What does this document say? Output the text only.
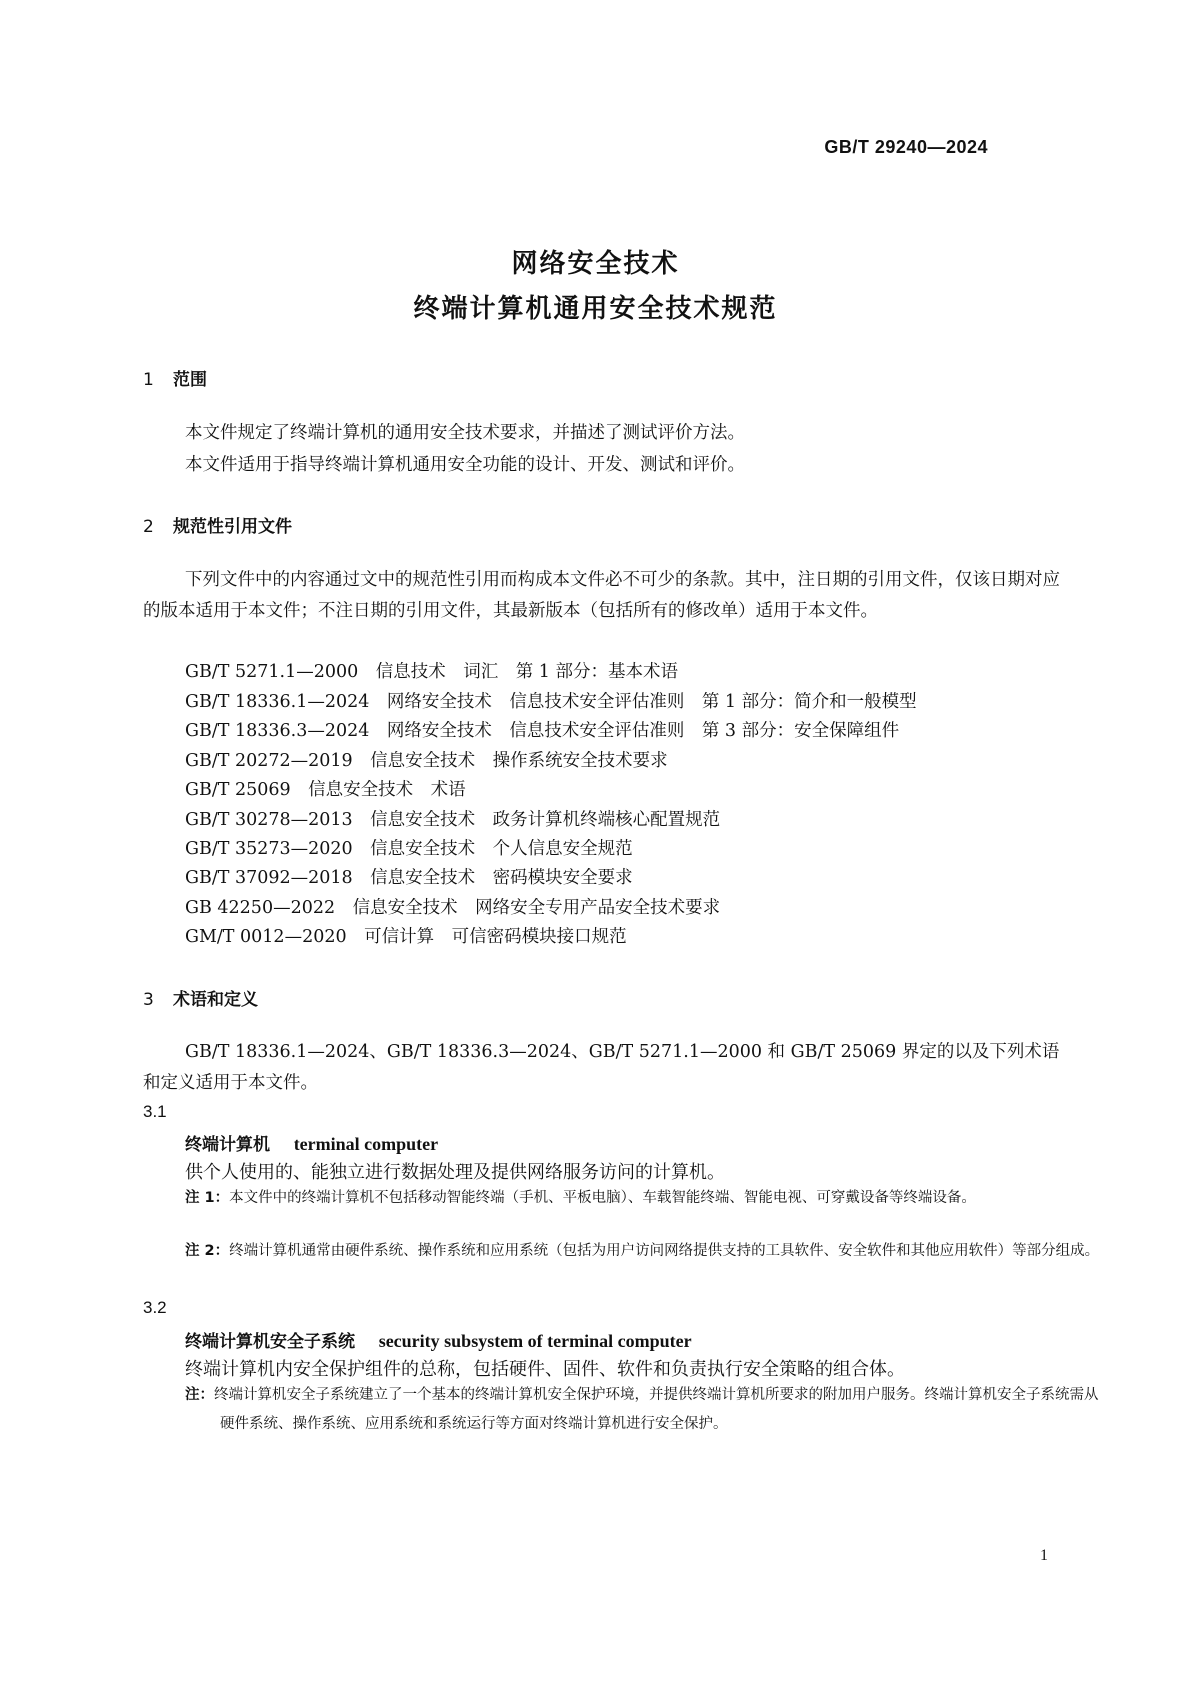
GB/T 29240—2024
网络安全技术
终端计算机通用安全技术规范
1 范围
本文件规定了终端计算机的通用安全技术要求，并描述了测试评价方法。
本文件适用于指导终端计算机通用安全功能的设计、开发、测试和评价。
2 规范性引用文件
下列文件中的内容通过文中的规范性引用而构成本文件必不可少的条款。其中，注日期的引用文件，仅该日期对应的版本适用于本文件；不注日期的引用文件，其最新版本（包括所有的修改单）适用于本文件。
GB/T 5271.1—2000　信息技术　词汇　第 1 部分：基本术语
GB/T 18336.1—2024　网络安全技术　信息技术安全评估准则　第 1 部分：简介和一般模型
GB/T 18336.3—2024　网络安全技术　信息技术安全评估准则　第 3 部分：安全保障组件
GB/T 20272—2019　信息安全技术　操作系统安全技术要求
GB/T 25069　信息安全技术　术语
GB/T 30278—2013　信息安全技术　政务计算机终端核心配置规范
GB/T 35273—2020　信息安全技术　个人信息安全规范
GB/T 37092—2018　信息安全技术　密码模块安全要求
GB 42250—2022　信息安全技术　网络安全专用产品安全技术要求
GM/T 0012—2020　可信计算　可信密码模块接口规范
3 术语和定义
GB/T 18336.1—2024、GB/T 18336.3—2024、GB/T 5271.1—2000 和 GB/T 25069 界定的以及下列术语和定义适用于本文件。
3.1
终端计算机 terminal computer
供个人使用的、能独立进行数据处理及提供网络服务访问的计算机。
注 1：本文件中的终端计算机不包括移动智能终端（手机、平板电脑）、车载智能终端、智能电视、可穿戴设备等终端设备。
注 2：终端计算机通常由硬件系统、操作系统和应用系统（包括为用户访问网络提供支持的工具软件、安全软件和其他应用软件）等部分组成。
3.2
终端计算机安全子系统 security subsystem of terminal computer
终端计算机内安全保护组件的总称，包括硬件、固件、软件和负责执行安全策略的组合体。
注：终端计算机安全子系统建立了一个基本的终端计算机安全保护环境，并提供终端计算机所要求的附加用户服务。终端计算机安全子系统需从硬件系统、操作系统、应用系统和系统运行等方面对终端计算机进行安全保护。
1
